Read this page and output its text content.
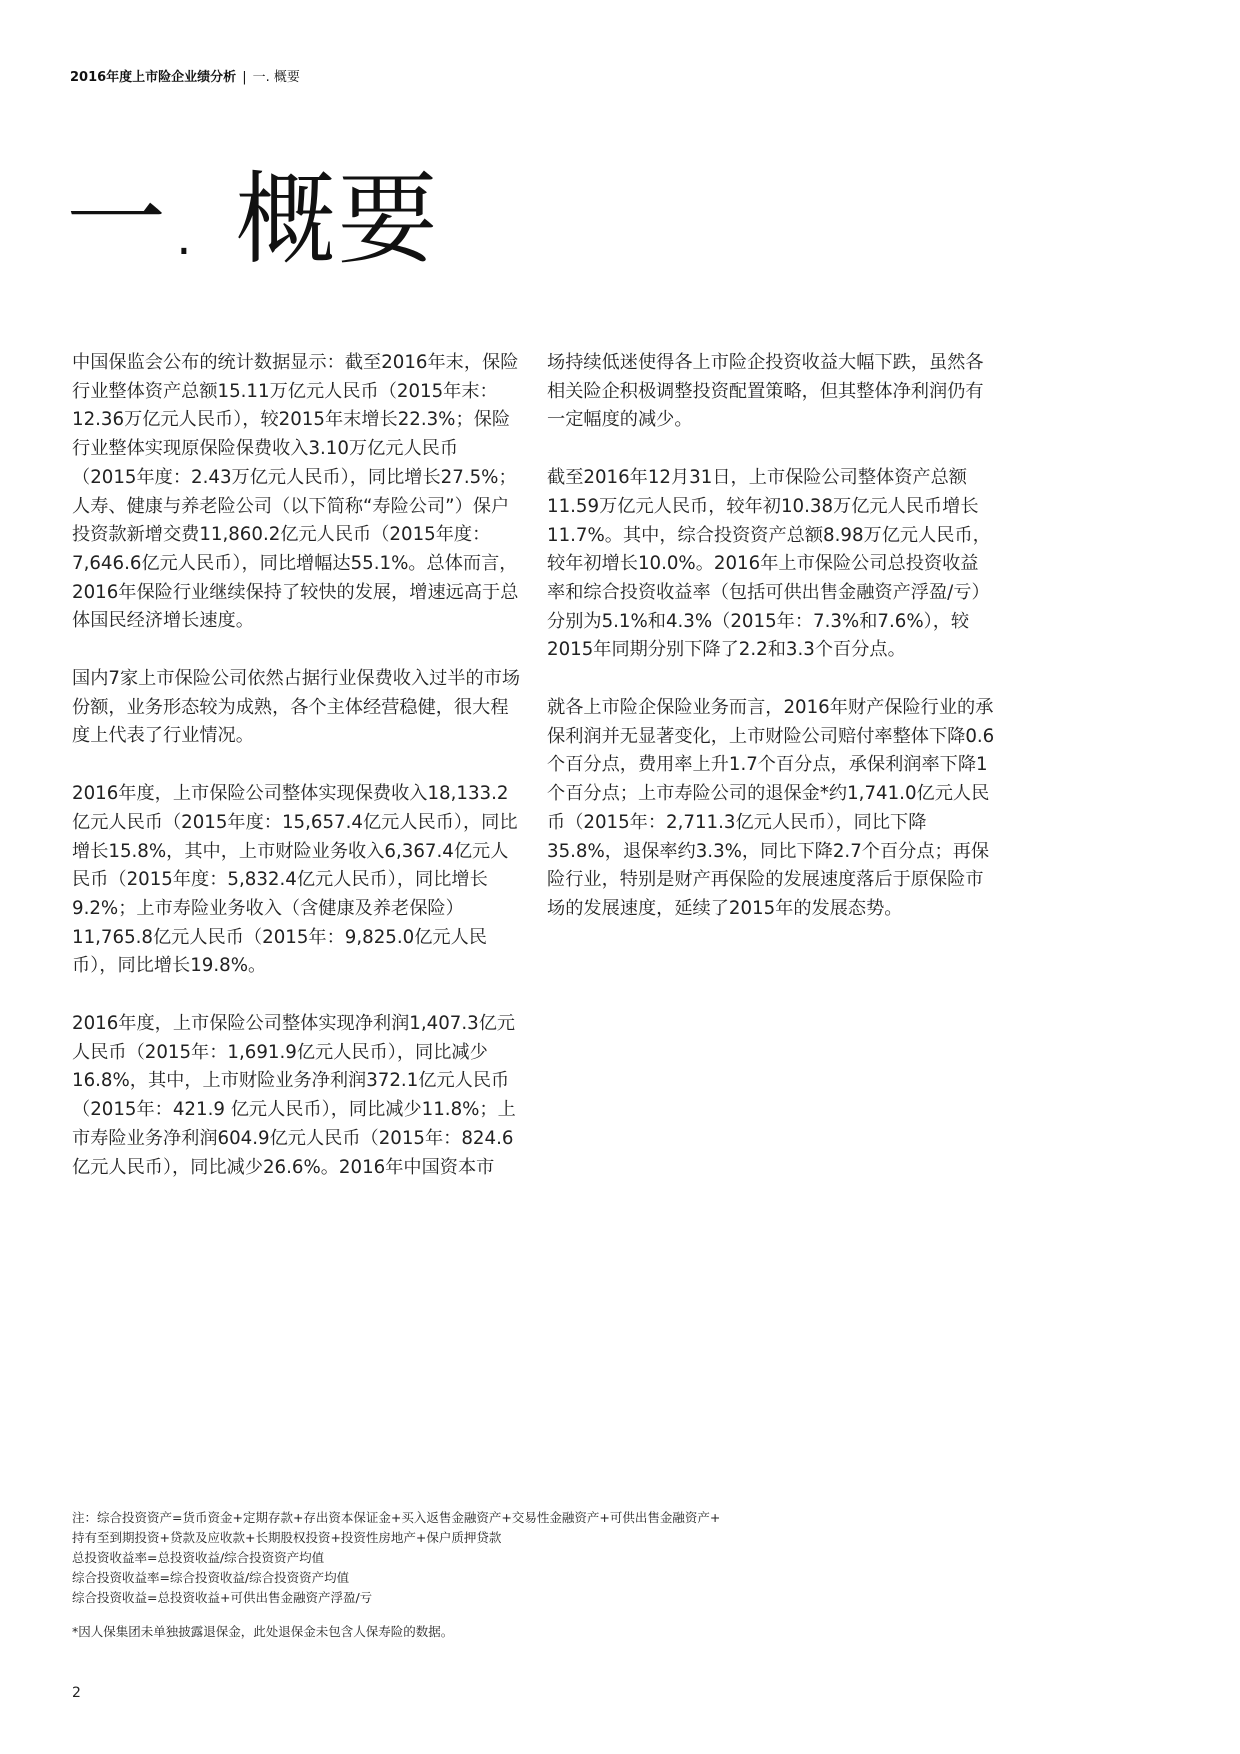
2016年度上市险企业绩分析 | 一. 概要
一. 概要

中国保监会公布的统计数据显示：截至2016年末，保险行业整体资产总额15.11万亿元人民币（2015年末：12.36万亿元人民币），较2015年末增长22.3%；保险行业整体实现原保险保费收入3.10万亿元人民币（2015年度：2.43万亿元人民币），同比增长27.5%；人寿、健康与养老险公司（以下简称“寿险公司”）保户投资款新增交费11,860.2亿元人民币（2015年度：7,646.6亿元人民币），同比增幅达55.1%。总体而言，2016年保险行业继续保持了较快的发展，增速远高于总体国民经济增长速度。

国内7家上市保险公司依然占据行业保费收入过半的市场份额，业务形态较为成熟，各个主体经营稳健，很大程度上代表了行业情况。

2016年度，上市保险公司整体实现保费收入18,133.2亿元人民币（2015年度：15,657.4亿元人民币），同比增长15.8%，其中，上市财险业务收入6,367.4亿元人民币（2015年度：5,832.4亿元人民币），同比增长9.2%；上市寿险业务收入（含健康及养老保险）11,765.8亿元人民币（2015年：9,825.0亿元人民币），同比增长19.8%。

2016年度，上市保险公司整体实现净利润1,407.3亿元人民币（2015年：1,691.9亿元人民币），同比减少16.8%，其中，上市财险业务净利润372.1亿元人民币（2015年：421.9 亿元人民币），同比减少11.8%；上市寿险业务净利润604.9亿元人民币（2015年：824.6亿元人民币），同比减少26.6%。2016年中国资本市

场持续低迷使得各上市险企投资收益大幅下跌，虽然各相关险企积极调整投资配置策略，但其整体净利润仍有一定幅度的减少。

截至2016年12月31日，上市保险公司整体资产总额11.59万亿元人民币，较年初10.38万亿元人民币增长11.7%。其中，综合投资资产总额8.98万亿元人民币，较年初增长10.0%。2016年上市保险公司总投资收益率和综合投资收益率（包括可供出售金融资产浮盈/亏）分别为5.1%和4.3%（2015年：7.3%和7.6%），较2015年同期分别下降了2.2和3.3个百分点。

就各上市险企保险业务而言，2016年财产保险行业的承保利润并无显著变化，上市财险公司赔付率整体下降0.6个百分点，费用率上升1.7个百分点，承保利润率下降1个百分点；上市寿险公司的退保金*约1,741.0亿元人民币（2015年：2,711.3亿元人民币），同比下降35.8%，退保率约3.3%，同比下降2.7个百分点；再保险行业，特别是财产再保险的发展速度落后于原保险市场的发展速度，延续了2015年的发展态势。

注：综合投资资产=货币资金+定期存款+存出资本保证金+买入返售金融资产+交易性金融资产+可供出售金融资产+
持有至到期投资+贷款及应收款+长期股权投资+投资性房地产+保户质押贷款
总投资收益率=总投资收益/综合投资资产均值
综合投资收益率=综合投资收益/综合投资资产均值
综合投资收益=总投资收益+可供出售金融资产浮盈/亏
*因人保集团未单独披露退保金，此处退保金未包含人保寿险的数据。
2
